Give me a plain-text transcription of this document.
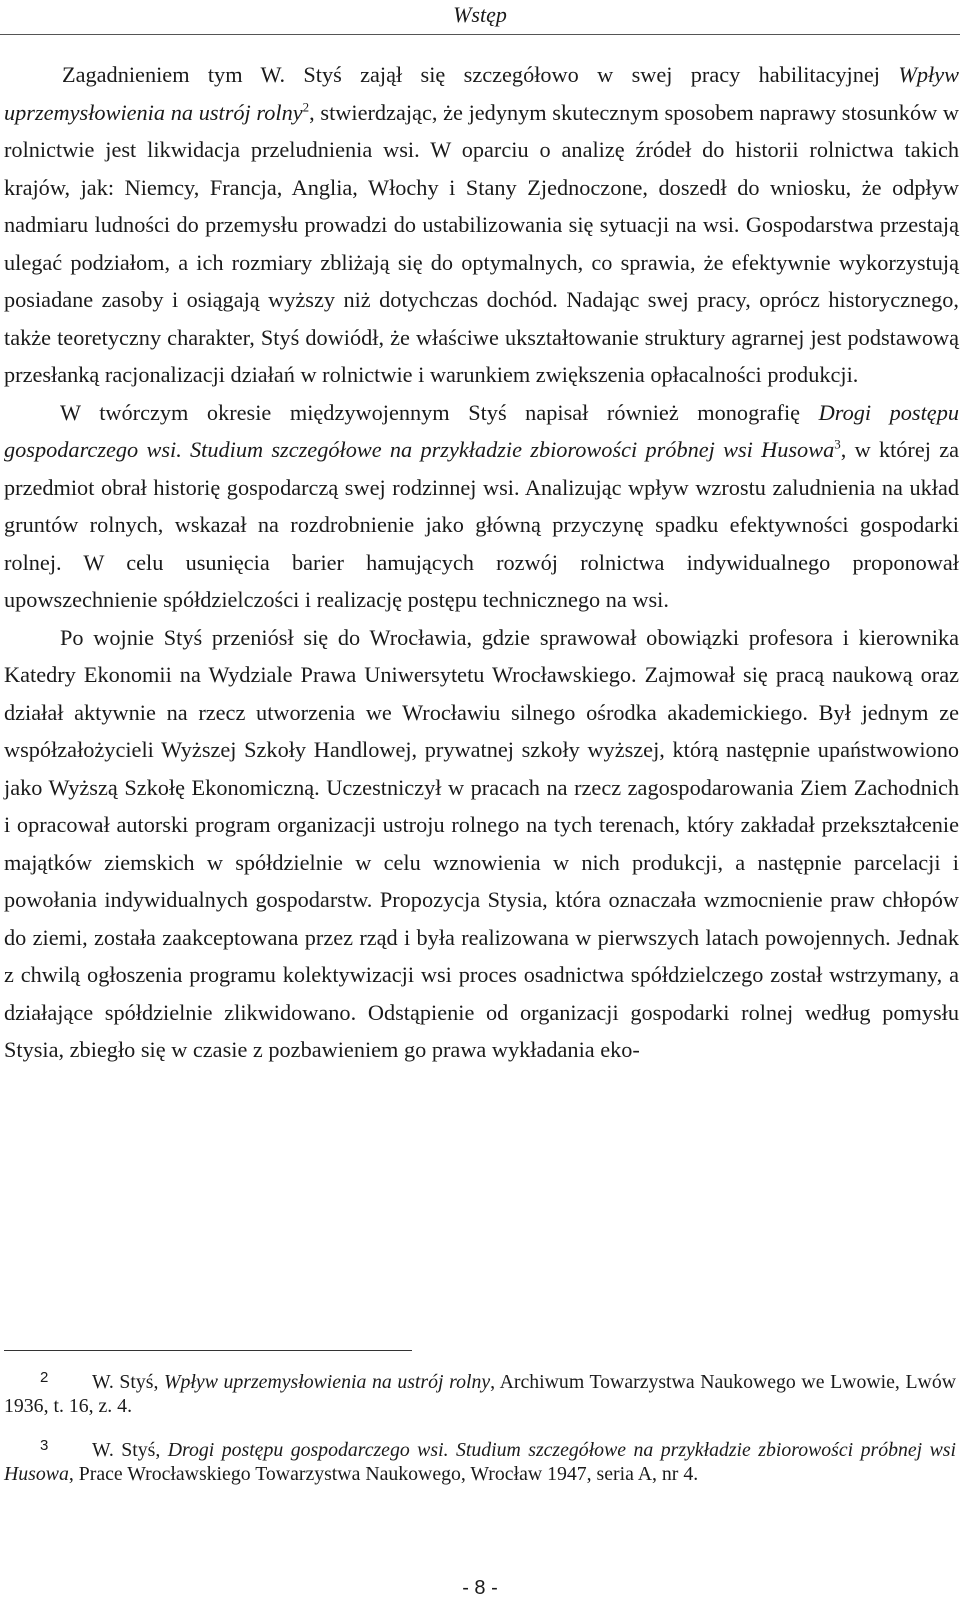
Wstęp

Zagadnieniem tym W. Styś zajął się szczegółowo w swej pracy habilitacyjnej Wpływ uprzemysłowienia na ustrój rolny$^2$, stwierdzając, że jedynym skutecznym sposobem naprawy stosunków w rolnictwie jest likwidacja przeludnienia wsi. W oparciu o analizę źródeł do historii rolnictwa takich krajów, jak: Niemcy, Francja, Anglia, Włochy i Stany Zjednoczone, doszedł do wniosku, że odpływ nadmiaru ludności do przemysłu prowadzi do ustabilizowania się sytuacji na wsi. Gospodarstwa przestają ulegać podziałom, a ich rozmiary zbliżają się do optymalnych, co sprawia, że efektywnie wykorzystują posiadane zasoby i osiągają wyższy niż dotychczas dochód. Nadając swej pracy, oprócz historycznego, także teoretyczny charakter, Styś dowiódł, że właściwe ukształtowanie struktury agrarnej jest podstawową przesłanką racjonalizacji działań w rolnictwie i warunkiem zwiększenia opłacalności produkcji.

W twórczym okresie międzywojennym Styś napisał również monografię Drogi postępu gospodarczego wsi. Studium szczegółowe na przykładzie zbiorowości próbnej wsi Husowa$^3$, w której za przedmiot obrał historię gospodarczą swej rodzinnej wsi. Analizując wpływ wzrostu zaludnienia na układ gruntów rolnych, wskazał na rozdrobnienie jako główną przyczynę spadku efektywności gospodarki rolnej. W celu usunięcia barier hamujących rozwój rolnictwa indywidualnego proponował upowszechnienie spółdzielczości i realizację postępu technicznego na wsi.

Po wojnie Styś przeniósł się do Wrocławia, gdzie sprawował obowiązki profesora i kierownika Katedry Ekonomii na Wydziale Prawa Uniwersytetu Wrocławskiego. Zajmował się pracą naukową oraz działał aktywnie na rzecz utworzenia we Wrocławiu silnego ośrodka akademickiego. Był jednym ze współzałożycieli Wyższej Szkoły Handlowej, prywatnej szkoły wyższej, którą następnie upaństwowiono jako Wyższą Szkołę Ekonomiczną. Uczestniczył w pracach na rzecz zagospodarowania Ziem Zachodnich i opracował autorski program organizacji ustroju rolnego na tych terenach, który zakładał przekształcenie majątków ziemskich w spółdzielnie w celu wznowienia w nich produkcji, a następnie parcelacji i powołania indywidualnych gospodarstw. Propozycja Stysia, która oznaczała wzmocnienie praw chłopów do ziemi, została zaakceptowana przez rząd i była realizowana w pierwszych latach powojennych. Jednak z chwilą ogłoszenia programu kolektywizacji wsi proces osadnictwa spółdzielczego został wstrzymany, a działające spółdzielnie zlikwidowano. Odstąpienie od organizacji gospodarki rolnej według pomysłu Stysia, zbiegło się w czasie z pozbawieniem go prawa wykładania eko-

2 W. Styś, Wpływ uprzemysłowienia na ustrój rolny, Archiwum Towarzystwa Naukowego we Lwowie, Lwów 1936, t. 16, z. 4.

3 W. Styś, Drogi postępu gospodarczego wsi. Studium szczegółowe na przykładzie zbiorowości próbnej wsi Husowa, Prace Wrocławskiego Towarzystwa Naukowego, Wrocław 1947, seria A, nr 4.

- 8 -
